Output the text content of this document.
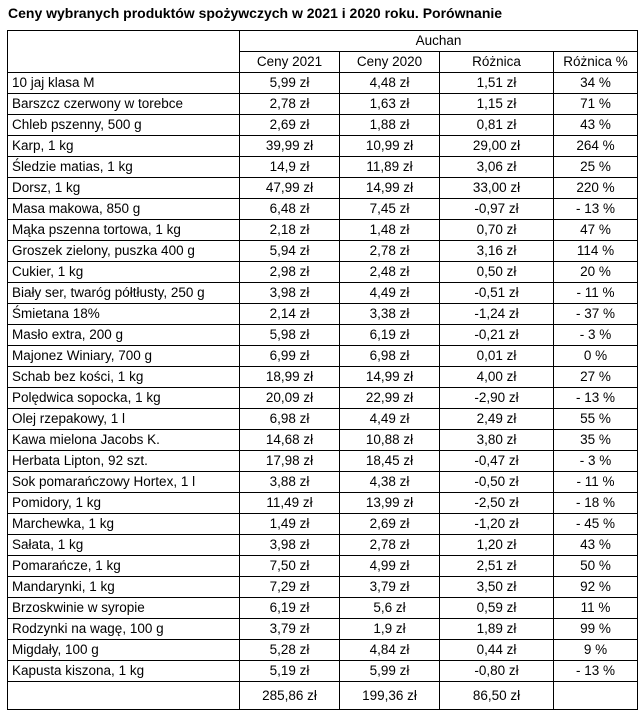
Ceny wybranych produktów spożywczych w 2021 i 2020 roku. Porównanie
	Auchan			
	Ceny 2021	Ceny 2020	Różnica	Różnica %
10 jaj klasa M	5,99 zł	4,48 zł	1,51 zł	34 %
Barszcz czerwony w torebce	2,78 zł	1,63 zł	1,15 zł	71 %
Chleb pszenny, 500 g	2,69 zł	1,88 zł	0,81 zł	43 %
Karp, 1 kg	39,99 zł	10,99 zł	29,00 zł	264 %
Śledzie matias, 1 kg	14,9 zł	11,89 zł	3,06 zł	25 %
Dorsz, 1 kg	47,99 zł	14,99 zł	33,00 zł	220 %
Masa makowa, 850 g	6,48 zł	7,45 zł	-0,97 zł	- 13 %
Mąka pszenna tortowa, 1 kg	2,18 zł	1,48 zł	0,70 zł	47 %
Groszek zielony, puszka 400 g	5,94 zł	2,78 zł	3,16 zł	114 %
Cukier, 1 kg	2,98 zł	2,48 zł	0,50 zł	20 %
Biały ser, twaróg półtłusty, 250 g	3,98 zł	4,49 zł	-0,51 zł	- 11 %
Śmietana 18%	2,14 zł	3,38 zł	-1,24 zł	- 37 %
Masło extra, 200 g	5,98 zł	6,19 zł	-0,21 zł	- 3 %
Majonez Winiary, 700 g	6,99 zł	6,98 zł	0,01 zł	0 %
Schab bez kości, 1 kg	18,99 zł	14,99 zł	4,00 zł	27 %
Polędwica sopocka, 1 kg	20,09 zł	22,99 zł	-2,90 zł	- 13 %
Olej rzepakowy, 1 l	6,98 zł	4,49 zł	2,49 zł	55 %
Kawa mielona Jacobs K.	14,68 zł	10,88 zł	3,80 zł	35 %
Herbata Lipton, 92 szt.	17,98 zł	18,45 zł	-0,47 zł	- 3 %
Sok pomarańczowy Hortex, 1 l	3,88 zł	4,38 zł	-0,50 zł	- 11 %
Pomidory, 1 kg	11,49 zł	13,99 zł	-2,50 zł	- 18 %
Marchewka, 1 kg	1,49 zł	2,69 zł	-1,20 zł	- 45 %
Sałata, 1 kg	3,98 zł	2,78 zł	1,20 zł	43 %
Pomarańcze, 1 kg	7,50 zł	4,99 zł	2,51 zł	50 %
Mandarynki, 1 kg	7,29 zł	3,79 zł	3,50 zł	92 %
Brzoskwinie w syropie	6,19 zł	5,6 zł	0,59 zł	11 %
Rodzynki na wagę, 100 g	3,79 zł	1,9 zł	1,89 zł	99 %
Migdały, 100 g	5,28 zł	4,84 zł	0,44 zł	9 %
Kapusta kiszona, 1 kg	5,19 zł	5,99 zł	-0,80 zł	- 13 %
	285,86 zł	199,36 zł	86,50 zł	
